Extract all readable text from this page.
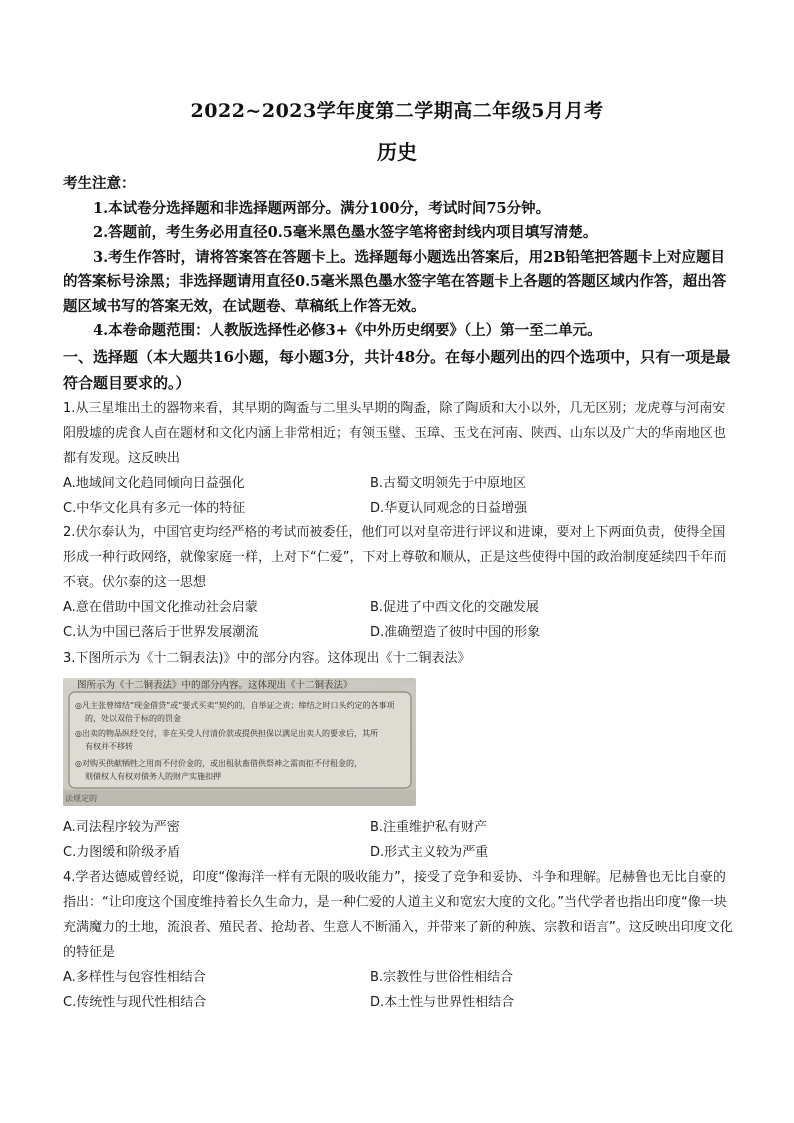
2022~2023学年度第二学期高二年级5月月考
历史

考生注意：

1.本试卷分选择题和非选择题两部分。满分100分，考试时间75分钟。

2.答题前，考生务必用直径0.5毫米黑色墨水签字笔将密封线内项目填写清楚。

3.考生作答时，请将答案答在答题卡上。选择题每小题选出答案后，用2B铅笔把答题卡上对应题目的答案标号涂黑；非选择题请用直径0.5毫米黑色墨水签字笔在答题卡上各题的答题区域内作答，超出答题区域书写的答案无效，在试题卷、草稿纸上作答无效。

4.本卷命题范围：人教版选择性必修3+《中外历史纲要》（上）第一至二单元。

一、选择题（本大题共16小题，每小题3分，共计48分。在每小题列出的四个选项中，只有一项是最符合题目要求的。）

1.从三星堆出土的器物来看，其早期的陶盉与二里头早期的陶盉，除了陶质和大小以外，几无区别；龙虎尊与河南安阳殷墟的虎食人卣在题材和文化内涵上非常相近；有领玉璧、玉璋、玉戈在河南、陕西、山东以及广大的华南地区也都有发现。这反映出

A.地域间文化趋同倾向日益强化	B.古蜀文明领先于中原地区
C.中华文化具有多元一体的特征	D.华夏认同观念的日益增强

2.伏尔泰认为，中国官吏均经严格的考试而被委任，他们可以对皇帝进行评议和进谏，要对上下两面负责，使得全国形成一种行政网络，就像家庭一样，上对下“仁爱”，下对上尊敬和顺从，正是这些使得中国的政治制度延续四千年而不衰。伏尔泰的这一思想

A.意在借助中国文化推动社会启蒙	B.促进了中西文化的交融发展
C.认为中国已落后于世界发展潮流	D.准确塑造了彼时中国的形象

3.下图所示为《十二铜表法)》中的部分内容。这体现出《十二铜表法》

图所示为《十二铜表法》中的部分内容。这体现出《十二铜表法》
◎凡主张曾缔结“现金借贷”或“要式买卖”契约的，自举证之责；缔结之时口头约定的各事项
的，处以双倍于标的的罚金
◎出卖的物品纵经交付，非在买受人付清价款或提供担保以满足出卖人的要求后，其所
有权并不移转
◎对购买供献牺牲之用而不付价金的，或出租驮畜借供祭神之需而拒不付租金的，
则债权人有权对债务人的财产实施扣押
法规定的
A.司法程序较为严密	B.注重维护私有财产
C.力图缓和阶级矛盾	D.形式主义较为严重

4.学者达德威曾经说，印度“像海洋一样有无限的吸收能力”，接受了竞争和妥协、斗争和理解。尼赫鲁也无比自豪的指出：“让印度这个国度维持着长久生命力，是一种仁爱的人道主义和宽宏大度的文化。”当代学者也指出印度“像一块充满魔力的土地，流浪者、殖民者、抢劫者、生意人不断涌入，并带来了新的种族、宗教和语言”。这反映出印度文化的特征是

A.多样性与包容性相结合	B.宗教性与世俗性相结合
C.传统性与现代性相结合	D.本土性与世界性相结合
